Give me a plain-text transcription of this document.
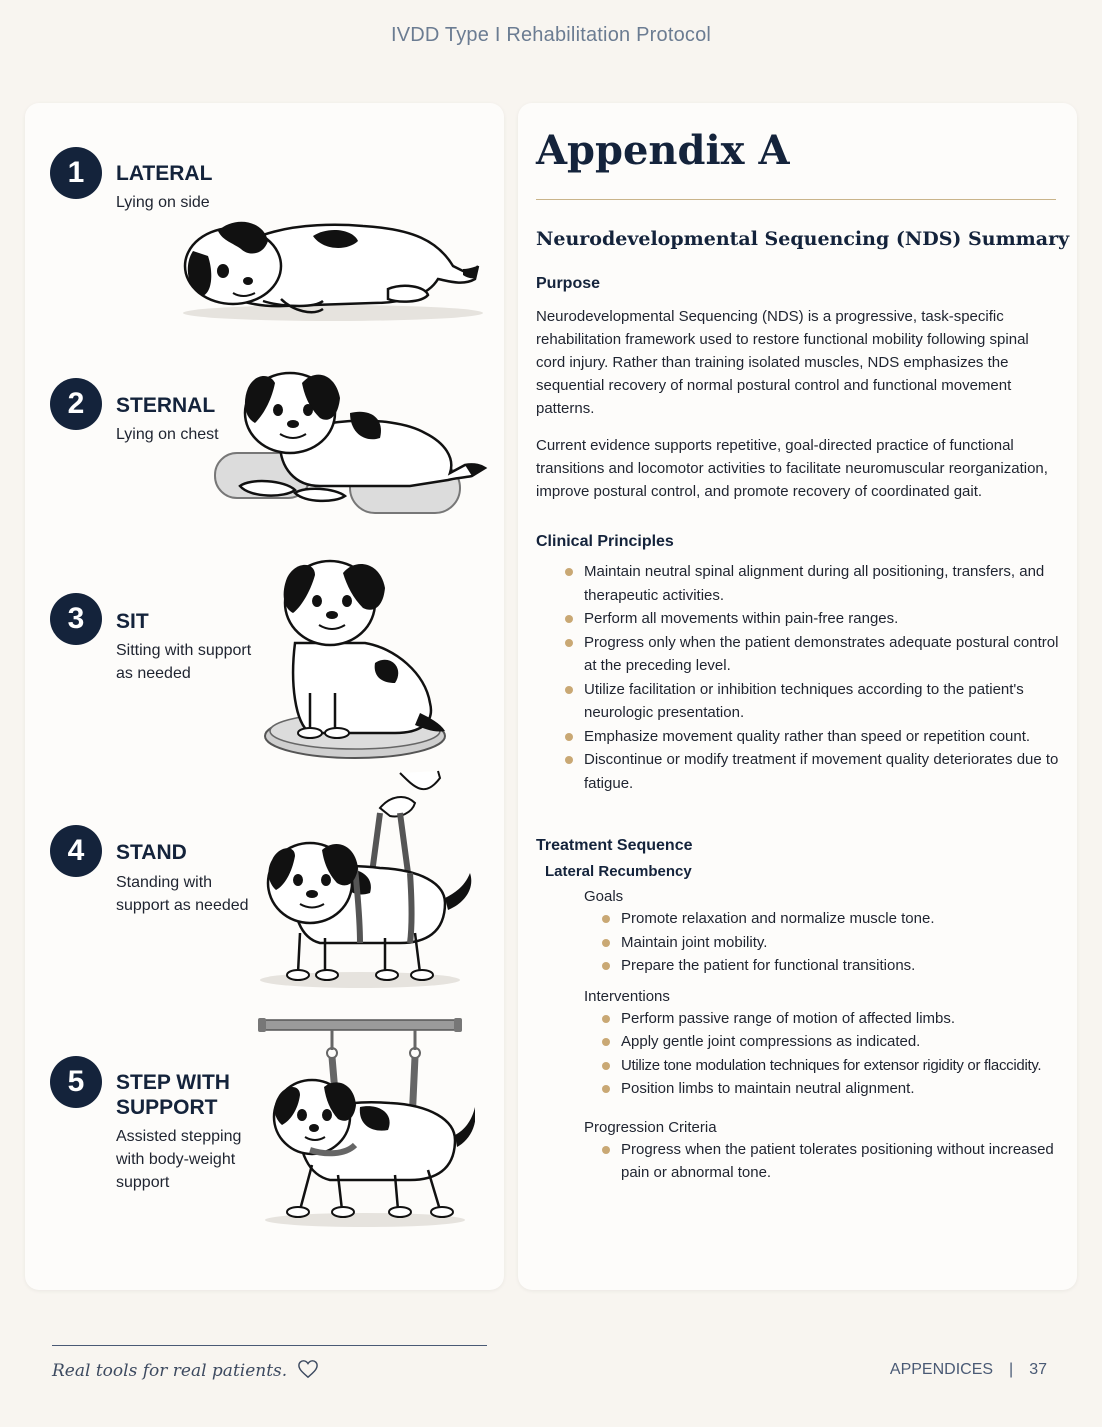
IVDD Type I Rehabilitation Protocol
1	LATERAL
Lying on side
2	STERNAL
Lying on chest
3	SIT
Sitting with support as needed
4	STAND
Standing with support as needed
5	STEP WITH SUPPORT
Assisted stepping with body-weight support
Appendix A
Neurodevelopmental Sequencing (NDS) Summary

Purpose

Neurodevelopmental Sequencing (NDS) is a progressive, task-specific rehabilitation framework used to restore functional mobility following spinal cord injury. Rather than training isolated muscles, NDS emphasizes the sequential recovery of normal postural control and functional movement patterns.

Current evidence supports repetitive, goal-directed practice of functional transitions and locomotor activities to facilitate neuromuscular reorganization, improve postural control, and promote recovery of coordinated gait.

Clinical Principles

Maintain neutral spinal alignment during all positioning, transfers, and therapeutic activities.
Perform all movements within pain-free ranges.
Progress only when the patient demonstrates adequate postural control at the preceding level.
Utilize facilitation or inhibition techniques according to the patient's neurologic presentation.
Emphasize movement quality rather than speed or repetition count.
Discontinue or modify treatment if movement quality deteriorates due to fatigue.

Treatment Sequence

Lateral Recumbency
Goals
Promote relaxation and normalize muscle tone.
Maintain joint mobility.
Prepare the patient for functional transitions.
Interventions
Perform passive range of motion of affected limbs.
Apply gentle joint compressions as indicated.
Utilize tone modulation techniques for extensor rigidity or flaccidity.
Position limbs to maintain neutral alignment.
Progression Criteria
Progress when the patient tolerates positioning without increased pain or abnormal tone.
Real tools for real patients.	APPENDICES | 37
